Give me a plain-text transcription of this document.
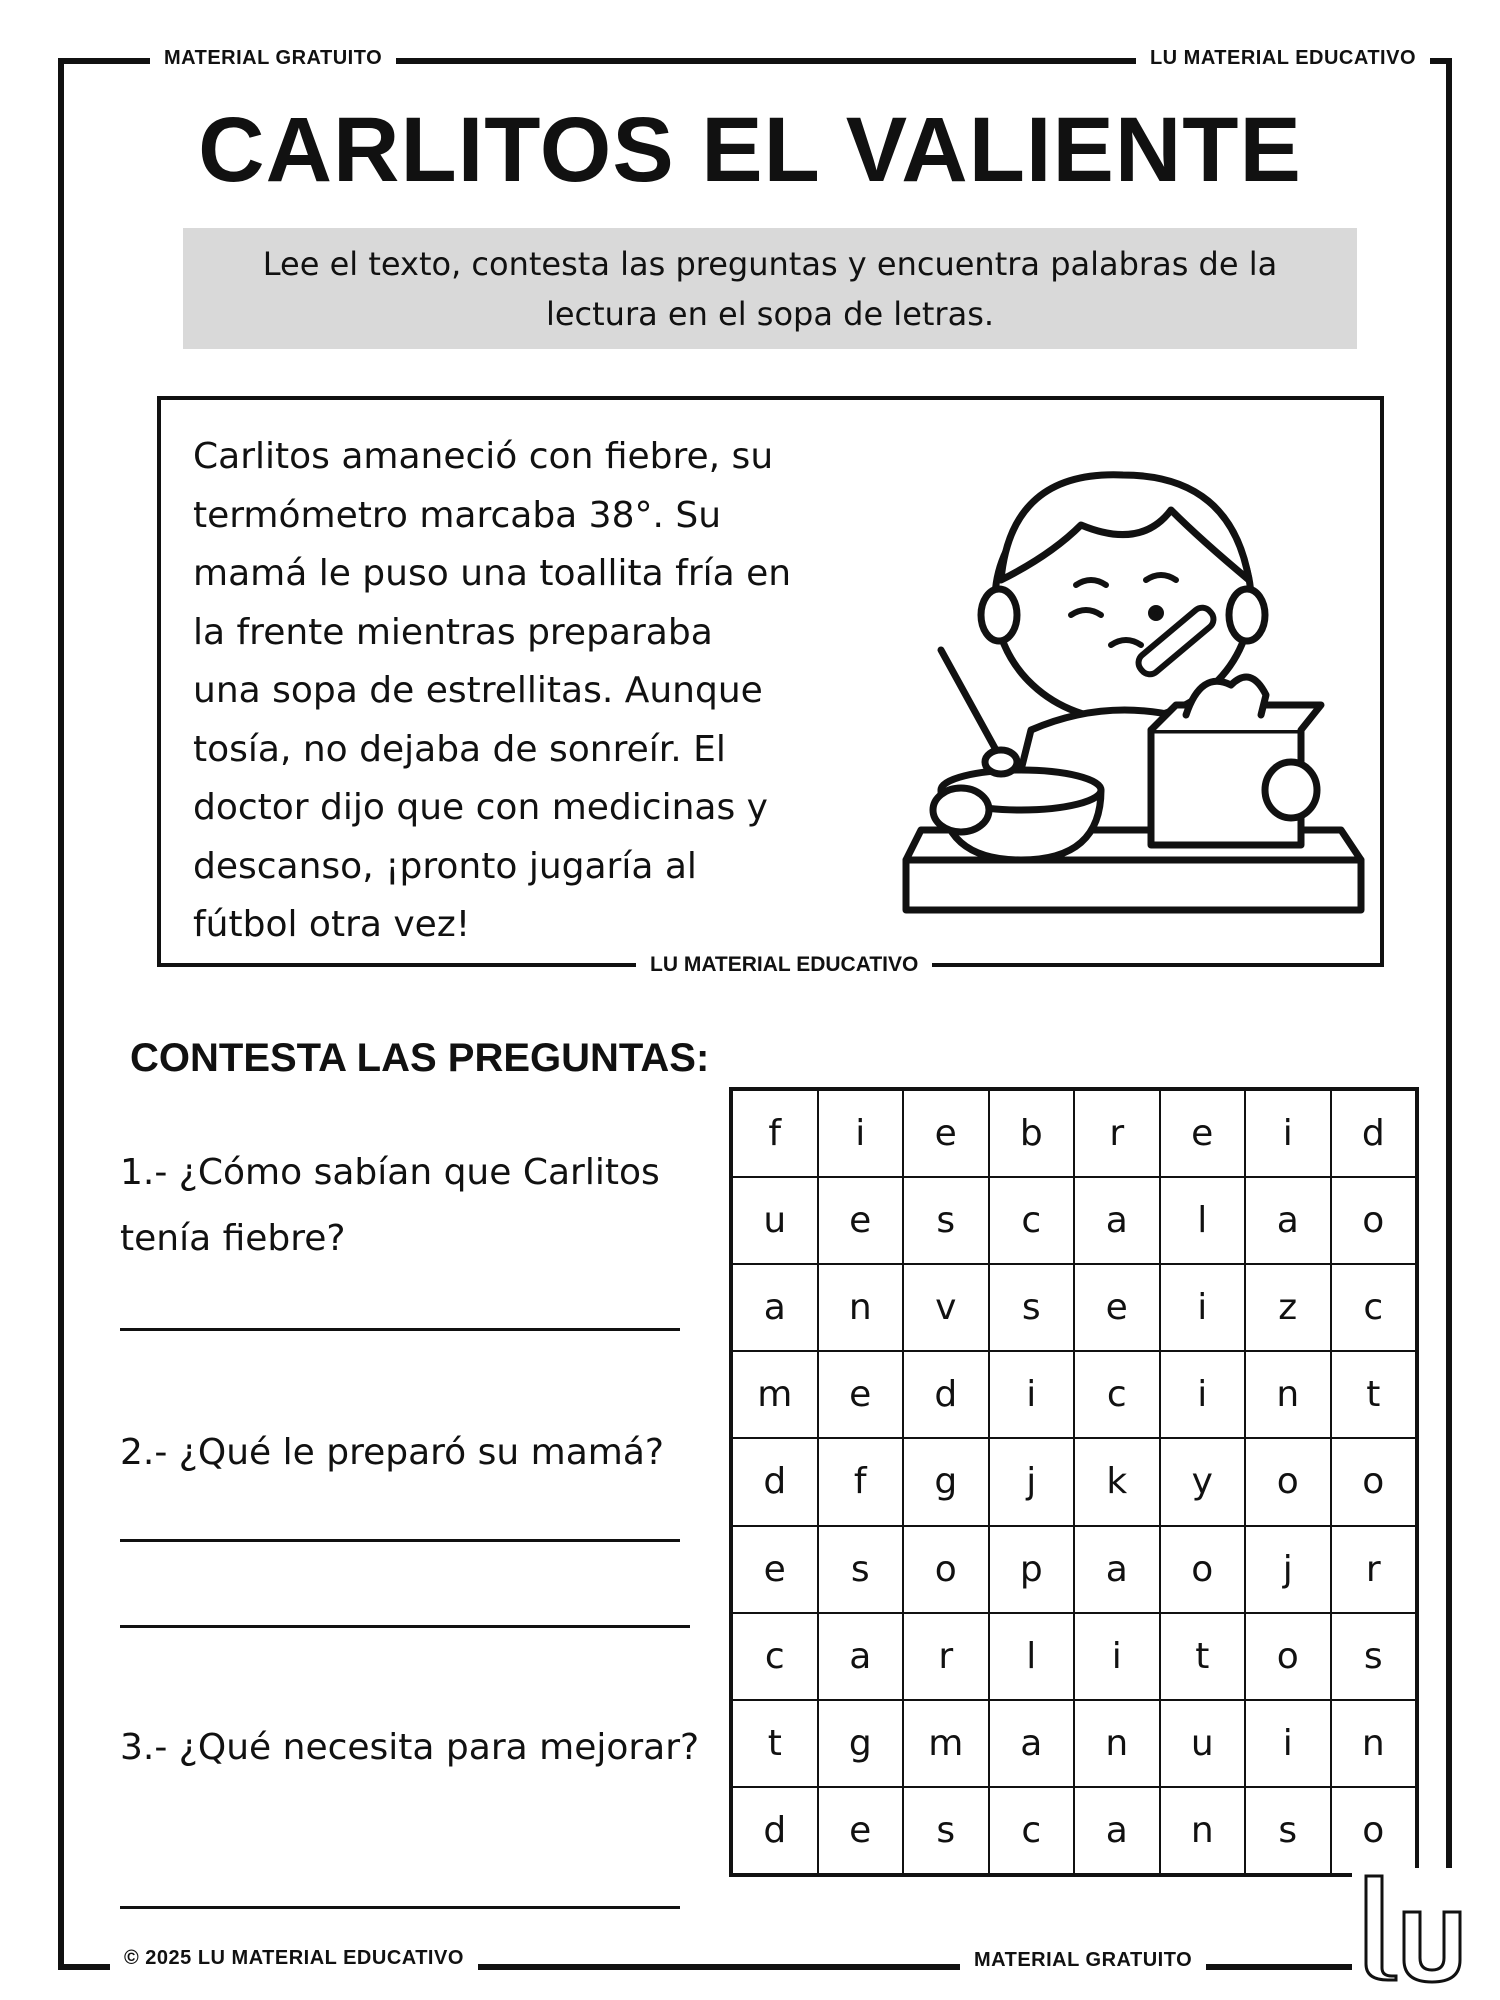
MATERIAL GRATUITO	LU MATERIAL EDUCATIVO
CARLITOS EL VALIENTE
Lee el texto, contesta las preguntas y encuentra palabras de la lectura en el sopa de letras.
Carlitos amaneció con fiebre, su
termómetro marcaba 38°. Su
mamá le puso una toallita fría en
la frente mientras preparaba
una sopa de estrellitas. Aunque
tosía, no dejaba de sonreír. El
doctor dijo que con medicinas y
descanso, ¡pronto jugaría al
fútbol otra vez!
LU MATERIAL EDUCATIVO
CONTESTA LAS PREGUNTAS:
1.- ¿Cómo sabían que Carlitos tenía fiebre?
2.- ¿Qué le preparó su mamá?
3.- ¿Qué necesita para mejorar?
f	i	e	b	r	e	i	d
u	e	s	c	a	l	a	o
a	n	v	s	e	i	z	c
m	e	d	i	c	i	n	t
d	f	g	j	k	y	o	o
e	s	o	p	a	o	j	r
c	a	r	l	i	t	o	s
t	g	m	a	n	u	i	n
d	e	s	c	a	n	s	o
© 2025 LU MATERIAL EDUCATIVO	MATERIAL GRATUITO
